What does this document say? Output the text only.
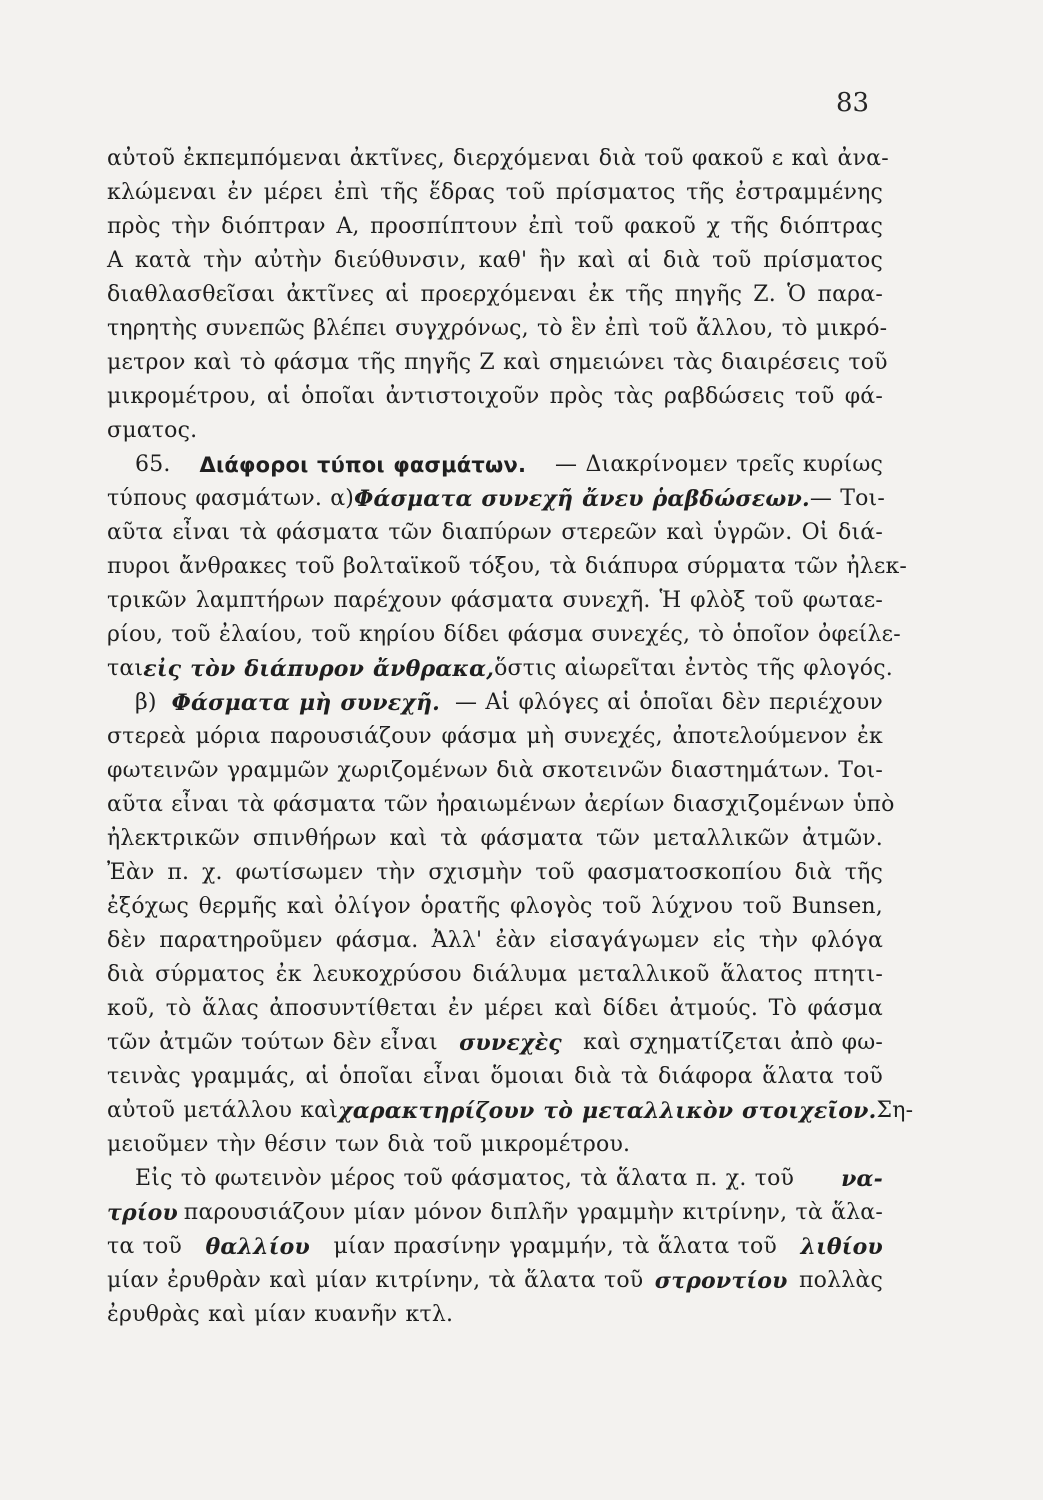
83
αὐτοῦ ἐκπεμπόμεναι ἀκτῖνες, διερχόμεναι διὰ τοῦ φακοῦ ε καὶ ἀνα-
κλώμεναι ἐν μέρει ἐπὶ τῆς ἕδρας τοῦ πρίσματος τῆς ἐστραμμένης
πρὸς τὴν διόπτραν Α, προσπίπτουν ἐπὶ τοῦ φακοῦ χ τῆς διόπτρας
Α κατὰ τὴν αὐτὴν διεύθυνσιν, καθ' ἣν καὶ αἱ διὰ τοῦ πρίσματος
διαθλασθεῖσαι ἀκτῖνες αἱ προερχόμεναι ἐκ τῆς πηγῆς Ζ. Ὁ παρα-
τηρητὴς συνεπῶς βλέπει συγχρόνως, τὸ ἓν ἐπὶ τοῦ ἄλλου, τὸ μικρό-
μετρον καὶ τὸ φάσμα τῆς πηγῆς Ζ καὶ σημειώνει τὰς διαιρέσεις τοῦ
μικρομέτρου, αἱ ὁποῖαι ἀντιστοιχοῦν πρὸς τὰς ραβδώσεις τοῦ φά-
σματος.
65. Διάφοροι τύποι φασμάτων. — Διακρίνομεν τρεῖς κυρίως
τύπους φασμάτων. α) Φάσματα συνεχῆ ἄνευ ῥαβδώσεων. — Τοι-
αῦτα εἶναι τὰ φάσματα τῶν διαπύρων στερεῶν καὶ ὑγρῶν. Οἱ διά-
πυροι ἄνθρακες τοῦ βολταϊκοῦ τόξου, τὰ διάπυρα σύρματα τῶν ἠλεκ-
τρικῶν λαμπτήρων παρέχουν φάσματα συνεχῆ. Ἡ φλὸξ τοῦ φωταε-
ρίου, τοῦ ἐλαίου, τοῦ κηρίου δίδει φάσμα συνεχές, τὸ ὁποῖον ὀφείλε-
ται εἰς τὸν διάπυρον ἄνθρακα, ὅστις αἰωρεῖται ἐντὸς τῆς φλογός.
β) Φάσματα μὴ συνεχῆ. — Αἱ φλόγες αἱ ὁποῖαι δὲν περιέχουν
στερεὰ μόρια παρουσιάζουν φάσμα μὴ συνεχές, ἀποτελούμενον ἐκ
φωτεινῶν γραμμῶν χωριζομένων διὰ σκοτεινῶν διαστημάτων. Τοι-
αῦτα εἶναι τὰ φάσματα τῶν ἠραιωμένων ἀερίων διασχιζομένων ὑπὸ
ἠλεκτρικῶν σπινθήρων καὶ τὰ φάσματα τῶν μεταλλικῶν ἀτμῶν.
Ἐὰν π. χ. φωτίσωμεν τὴν σχισμὴν τοῦ φασματοσκοπίου διὰ τῆς
ἐξόχως θερμῆς καὶ ὀλίγον ὁρατῆς φλογὸς τοῦ λύχνου τοῦ Bunsen,
δὲν παρατηροῦμεν φάσμα. Ἀλλ' ἐὰν εἰσαγάγωμεν εἰς τὴν φλόγα
διὰ σύρματος ἐκ λευκοχρύσου διάλυμα μεταλλικοῦ ἅλατος πτητι-
κοῦ, τὸ ἅλας ἀποσυντίθεται ἐν μέρει καὶ δίδει ἀτμούς. Τὸ φάσμα
τῶν ἀτμῶν τούτων δὲν εἶναι συνεχὲς καὶ σχηματίζεται ἀπὸ φω-
τεινὰς γραμμάς, αἱ ὁποῖαι εἶναι ὅμοιαι διὰ τὰ διάφορα ἅλατα τοῦ
αὐτοῦ μετάλλου καὶ χαρακτηρίζουν τὸ μεταλλικὸν στοιχεῖον. Ση-
μειοῦμεν τὴν θέσιν των διὰ τοῦ μικρομέτρου.
Εἰς τὸ φωτεινὸν μέρος τοῦ φάσματος, τὰ ἅλατα π. χ. τοῦ να-
τρίου παρουσιάζουν μίαν μόνον διπλῆν γραμμὴν κιτρίνην, τὰ ἅλα-
τα τοῦ θαλλίου μίαν πρασίνην γραμμήν, τὰ ἅλατα τοῦ λιθίου
μίαν ἐρυθρὰν καὶ μίαν κιτρίνην, τὰ ἅλατα τοῦ στροντίου πολλὰς
ἐρυθρὰς καὶ μίαν κυανῆν κτλ.
